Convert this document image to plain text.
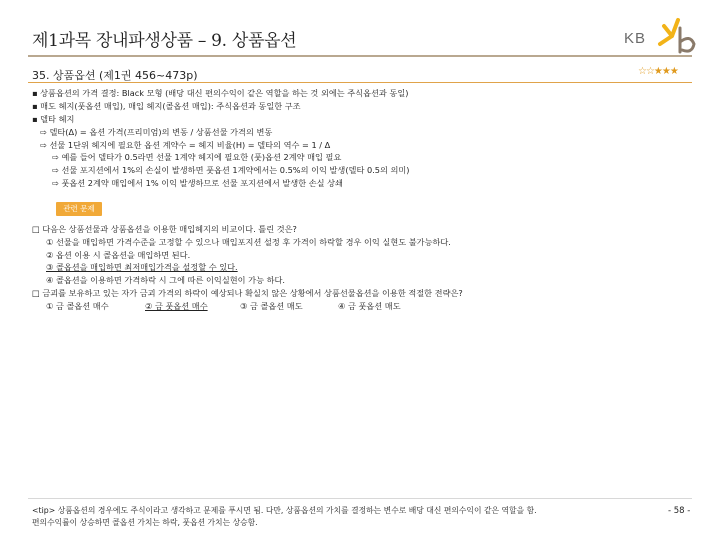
제1과목 장내파생상품 – 9. 상품옵션	KB
35. 상품옵션 (제1권 456~473p)	☆☆★★★
▪ 상품옵션의 가격 결정: Black 모형 (배당 대신 편의수익이 같은 역할을 하는 것 외에는 주식옵션과 동일)
▪ 매도 헤지(풋옵션 매입), 매입 헤지(콜옵션 매입): 주식옵션과 동일한 구조
▪ 델타 헤지
⇨ 델타(Δ) = 옵션 가격(프리미엄)의 변동 / 상품선물 가격의 변동
⇨ 선물 1단위 헤지에 필요한 옵션 계약수 = 헤지 비율(H) = 델타의 역수 = 1 / Δ
⇨ 예를 들어 델타가 0.5라면 선물 1계약 헤지에 필요한 (풋)옵션 2계약 매입 필요
⇨ 선물 포지션에서 1%의 손실이 발생하면 풋옵션 1계약에서는 0.5%의 이익 발생(델타 0.5의 의미)
⇨ 풋옵션 2계약 매입에서 1% 이익 발생하므로 선물 포지션에서 발생한 손실 상쇄
관련 문제
□ 다음은 상품선물과 상품옵션을 이용한 매입헤지의 비교이다. 틀린 것은?
① 선물을 매입하면 가격수준을 고정할 수 있으나 매입포지션 설정 후 가격이 하락할 경우 이익 실현도 불가능하다.
② 옵션 이용 시 콜옵션을 매입하면 된다.
③ 콜옵션을 매입하면 최저매입가격을 설정할 수 있다.
④ 콜옵션을 이용하면 가격하락 시 그에 따른 이익실현이 가능 하다.
□ 금괴를 보유하고 있는 자가 금괴 가격의 하락이 예상되나 확실치 않은 상황에서 상품선물옵션을 이용한 적절한 전략은?
① 금 콜옵션 매수	② 금 풋옵션 매수	③ 금 콜옵션 매도	④ 금 풋옵션 매도
<tip> 상품옵션의 경우에도 주식이라고 생각하고 문제를 푸시면 됨. 다만, 상품옵션의 가치를 결정하는 변수로 배당 대신 편의수익이 같은 역할을 함.
편의수익률이 상승하면 콜옵션 가치는 하락, 풋옵션 가치는 상승함.
- 58 -
